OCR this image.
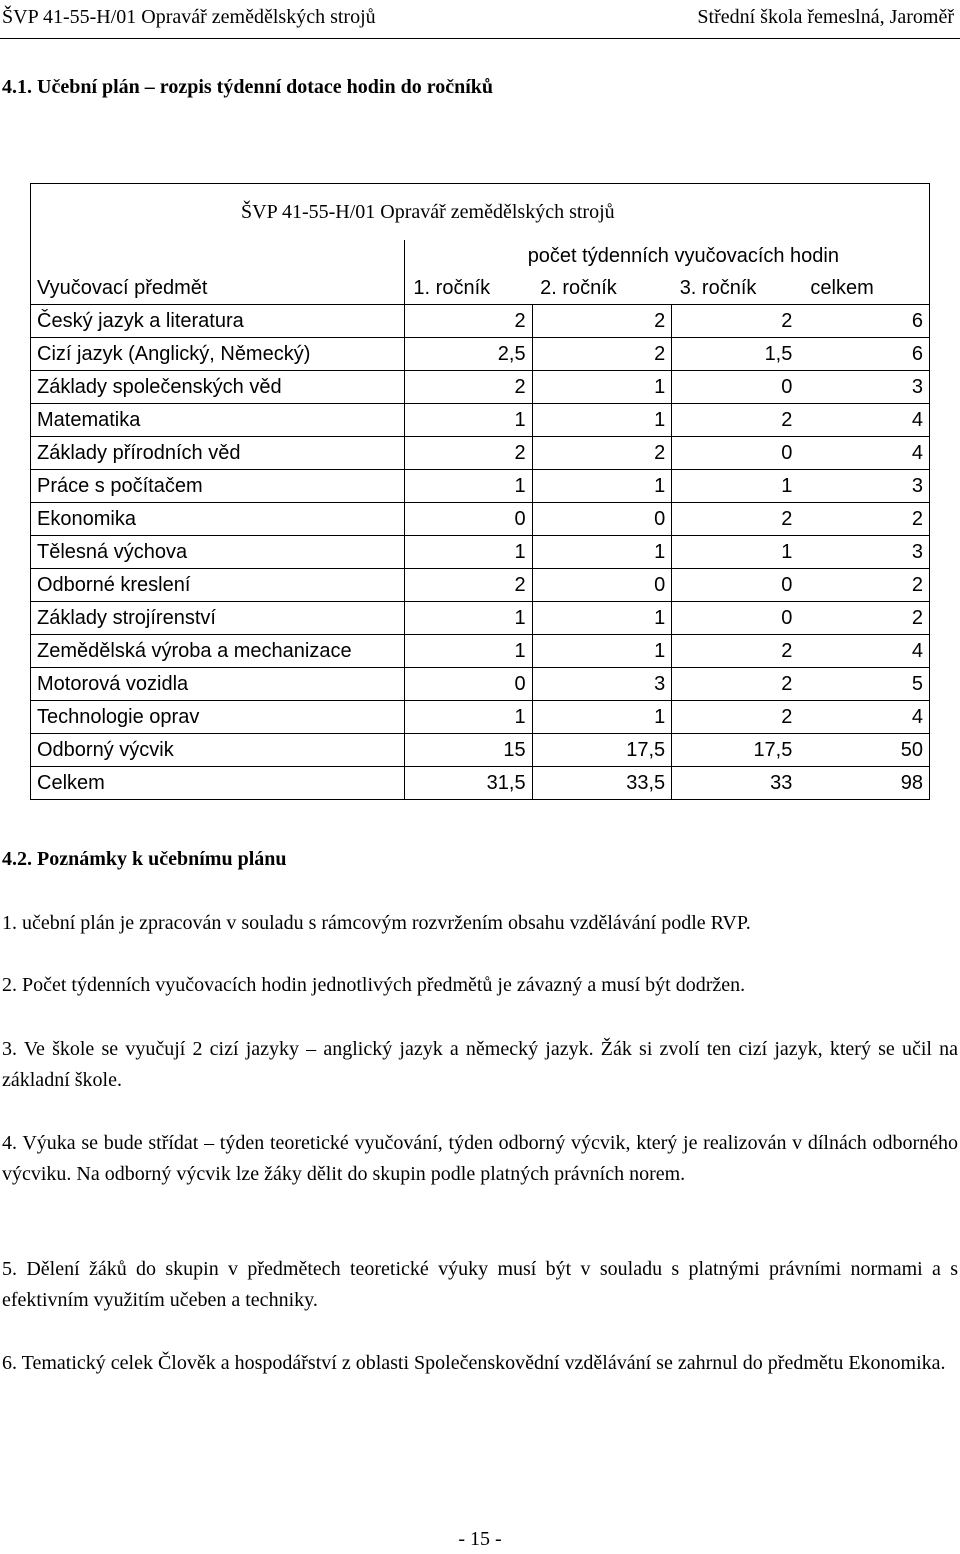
ŠVP 41-55-H/01 Opravář zemědělských strojů	Střední škola řemeslná, Jaroměř
4.1. Učební plán – rozpis týdenní dotace hodin do ročníků
ŠVP 41-55-H/01 Opravář zemědělských strojů				
	počet týdenních vyučovacích hodin			
Vyučovací předmět	1. ročník	2. ročník	3. ročník	celkem
Český jazyk a literatura	2	2	2	6
Cizí jazyk (Anglický, Německý)	2,5	2	1,5	6
Základy společenských věd	2	1	0	3
Matematika	1	1	2	4
Základy přírodních věd	2	2	0	4
Práce s počítačem	1	1	1	3
Ekonomika	0	0	2	2
Tělesná výchova	1	1	1	3
Odborné kreslení	2	0	0	2
Základy strojírenství	1	1	0	2
Zemědělská výroba a mechanizace	1	1	2	4
Motorová vozidla	0	3	2	5
Technologie oprav	1	1	2	4
Odborný výcvik	15	17,5	17,5	50
Celkem	31,5	33,5	33	98
4.2. Poznámky k učebnímu plánu

1. učební plán je zpracován v souladu s rámcovým rozvržením obsahu vzdělávání podle RVP.

2. Počet týdenních vyučovacích hodin jednotlivých předmětů je závazný a musí být dodržen.

3. Ve škole se vyučují 2 cizí jazyky – anglický jazyk a německý jazyk. Žák si zvolí ten cizí jazyk, který se učil na základní škole.

4. Výuka se bude střídat – týden teoretické vyučování, týden odborný výcvik, který je realizován v dílnách odborného výcviku. Na odborný výcvik lze žáky dělit do skupin podle platných právních norem.

5. Dělení žáků do skupin v předmětech teoretické výuky musí být v souladu s platnými právními normami a s efektivním využitím učeben a techniky.

6. Tematický celek Člověk a hospodářství z oblasti Společenskovědní vzdělávání se zahrnul do předmětu Ekonomika.

- 15 -
